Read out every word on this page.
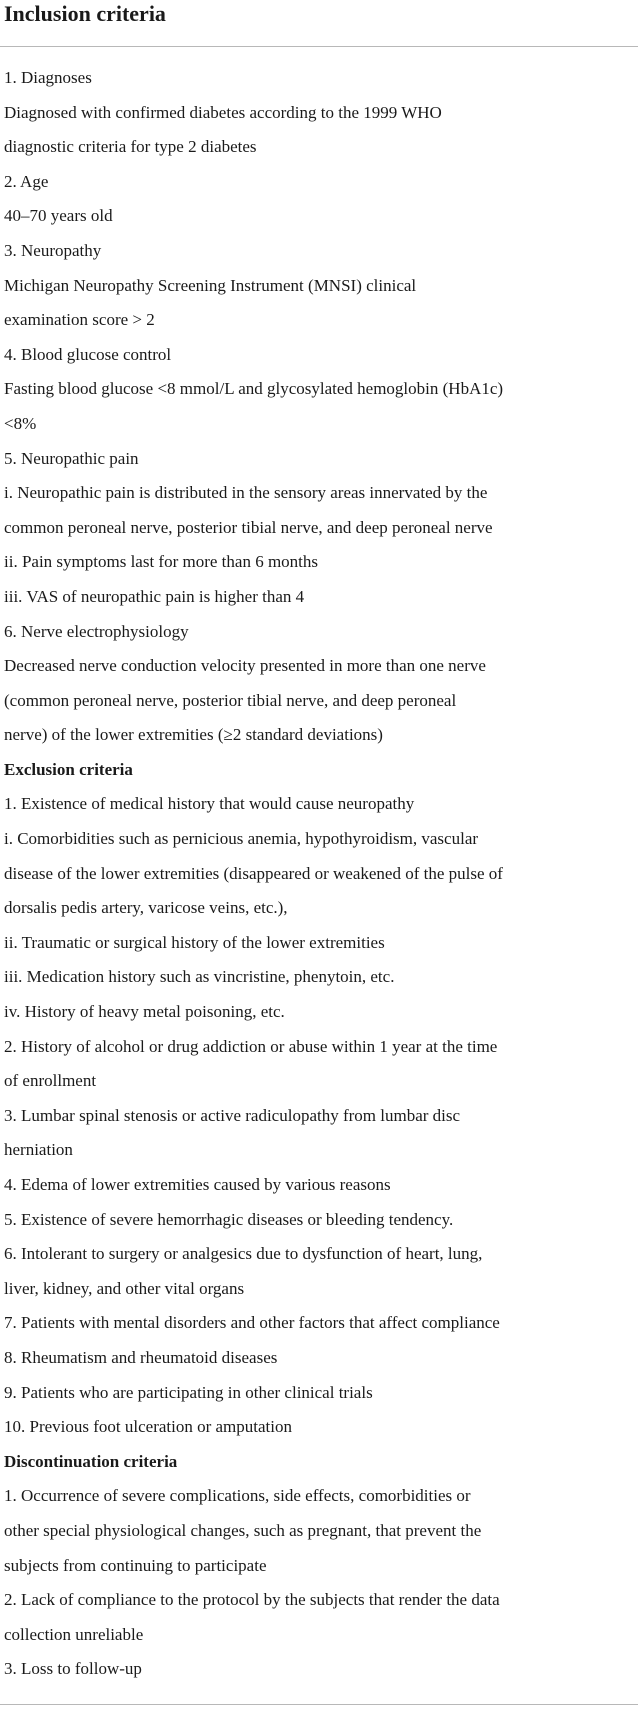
Inclusion criteria
1. Diagnoses
Diagnosed with confirmed diabetes according to the 1999 WHO
diagnostic criteria for type 2 diabetes
2. Age
40–70 years old
3. Neuropathy
Michigan Neuropathy Screening Instrument (MNSI) clinical
examination score > 2
4. Blood glucose control
Fasting blood glucose <8 mmol/L and glycosylated hemoglobin (HbA1c)
<8%
5. Neuropathic pain
i. Neuropathic pain is distributed in the sensory areas innervated by the
common peroneal nerve, posterior tibial nerve, and deep peroneal nerve
ii. Pain symptoms last for more than 6 months
iii. VAS of neuropathic pain is higher than 4
6. Nerve electrophysiology
Decreased nerve conduction velocity presented in more than one nerve
(common peroneal nerve, posterior tibial nerve, and deep peroneal
nerve) of the lower extremities (≥2 standard deviations)
Exclusion criteria
1. Existence of medical history that would cause neuropathy
i. Comorbidities such as pernicious anemia, hypothyroidism, vascular
disease of the lower extremities (disappeared or weakened of the pulse of
dorsalis pedis artery, varicose veins, etc.),
ii. Traumatic or surgical history of the lower extremities
iii. Medication history such as vincristine, phenytoin, etc.
iv. History of heavy metal poisoning, etc.
2. History of alcohol or drug addiction or abuse within 1 year at the time
of enrollment
3. Lumbar spinal stenosis or active radiculopathy from lumbar disc
herniation
4. Edema of lower extremities caused by various reasons
5. Existence of severe hemorrhagic diseases or bleeding tendency.
6. Intolerant to surgery or analgesics due to dysfunction of heart, lung,
liver, kidney, and other vital organs
7. Patients with mental disorders and other factors that affect compliance
8. Rheumatism and rheumatoid diseases
9. Patients who are participating in other clinical trials
10. Previous foot ulceration or amputation
Discontinuation criteria
1. Occurrence of severe complications, side effects, comorbidities or
other special physiological changes, such as pregnant, that prevent the
subjects from continuing to participate
2. Lack of compliance to the protocol by the subjects that render the data
collection unreliable
3. Loss to follow-up
